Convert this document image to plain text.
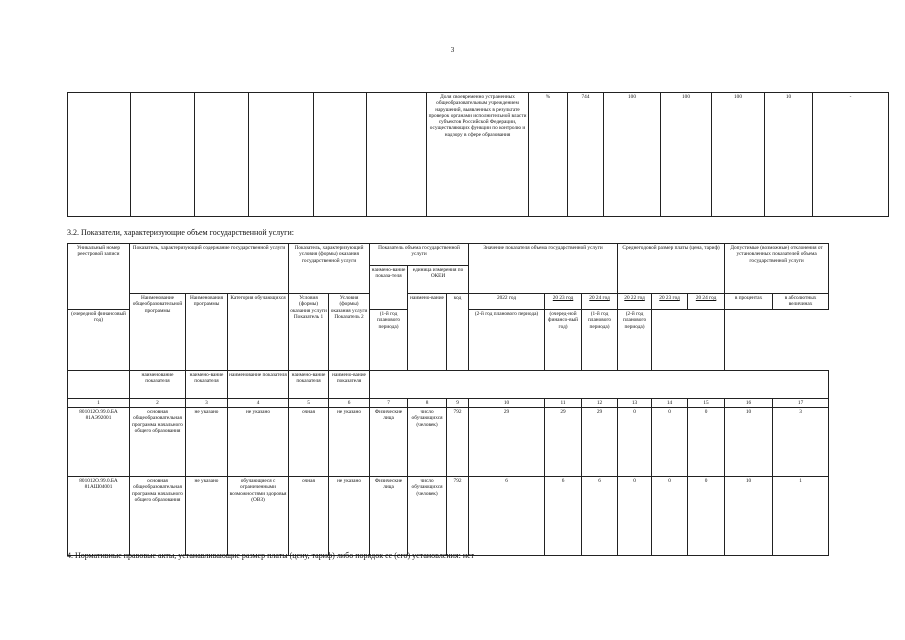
3
						Доля своевременно устраненных общеобразовательным учреждением нарушений, выявленных в результате проверок органами исполнительной власти субъектов Российской Федерации, осуществляющих функции по контролю и надзору в сфере образования	%	744	100	100	100	10	-
3.2. Показатели, характеризующие объем государственной услуги:
Уникальный номер реестровой записи	Показатель, характеризующий содержание государственной услуги			Показатель, характеризующий условия (формы) оказания государственной услуги		Показатель объема государственной услуги			Значение показателя объема государственной услуги			Среднегодовой размер платы (цена, тариф)			Допустимые (возможные) отклонения от установленных показателей объема государственной услуги	
						наимено-вание показа-теля	единица измерения по ОКЕИ									
	Наименование общеобразовательной программы	Наименования программы	Категория обучающихся	Условия (формы) оказания услуги Показатель 1	Условия (формы) оказания услуги Показатель 2		наимено-вание	код	2022 год	20 23 год	20 24 год	20 22 год	20 23 год	20 24 год	в процентах	в абсолютных величинах
(очередной финансовый год)						(1-й год планового периода)			(2-й год планового периода)	(очеред-ной финансо-вый год)	(1-й год планового периода)	(2-й год планового периода)				
	наименование показателя	наимено-вание показателя	наименование показателя	наимено-вание показателя	наимено-вание показателя											
1	2	3	4	5	6	7	8	9	10	11	12	13	14	15	16	17
801012О.99.0.БА 81АЭ92001	основная общеобразовательная программа начального общего образования	не указано	не указано	очная	не указано	Физические лица	число обучающихся (человек)	792	29	29	29	0	0	0	10	3
801012О.99.0.БА 81АШ04001	основная общеобразовательная программа начального общего образования	не указано	обучающиеся с ограниченными возможностями здоровья (ОВЗ)	очная	не указано	Физические лица	число обучающихся (человек)	792	6	6	6	0	0	0	10	1
4. Нормативные правовые акты, устанавливающие размер платы (цену, тариф) либо порядок ее (его) установления: нет
